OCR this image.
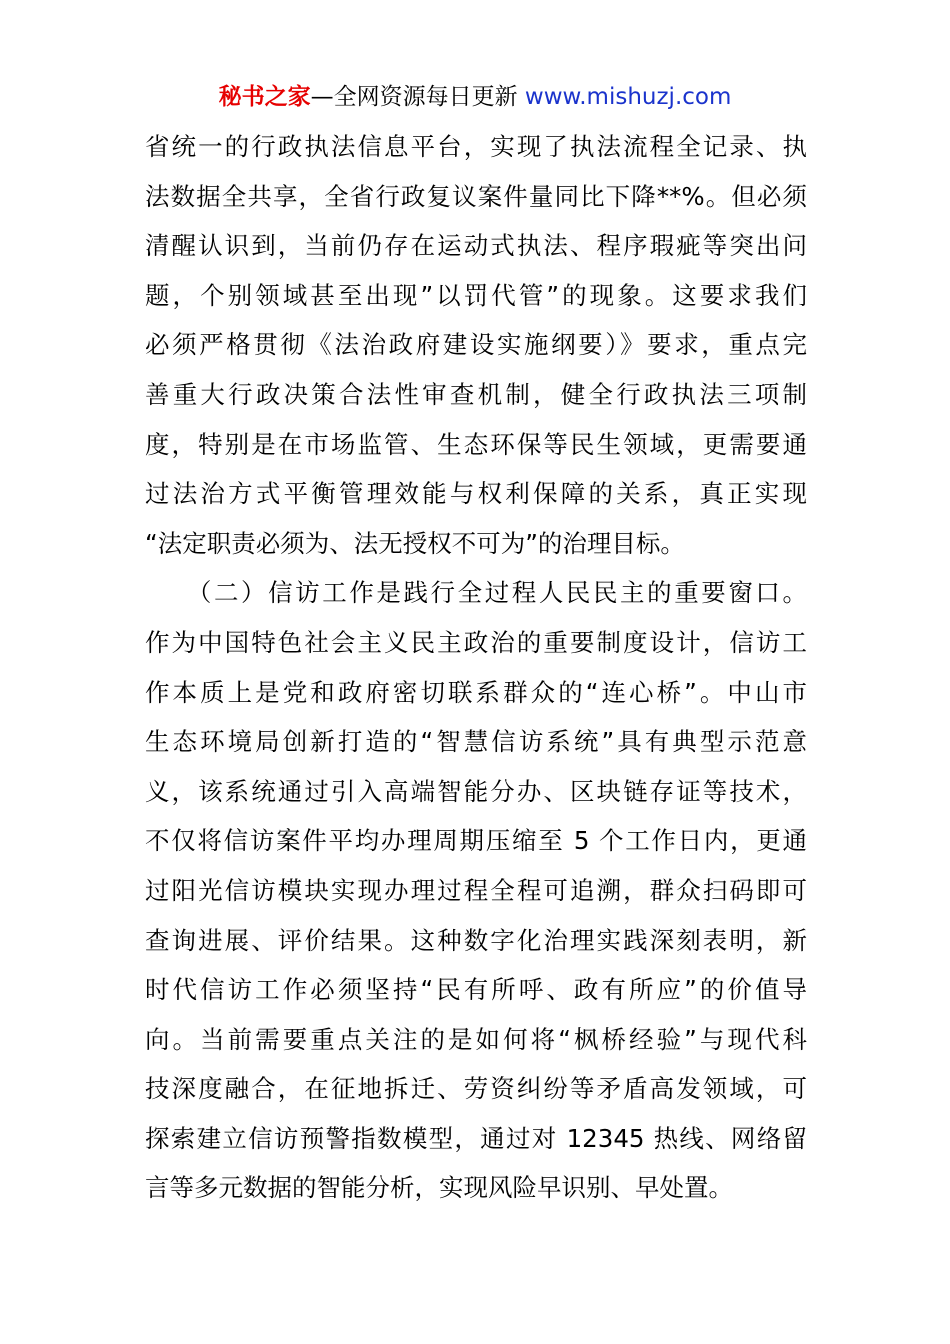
秘书之家—全网资源每日更新 www.mishuzj.com
省统一的行政执法信息平台，实现了执法流程全记录、执
法数据全共享，全省行政复议案件量同比下降**%。但必须
清醒认识到，当前仍存在运动式执法、程序瑕疵等突出问
题，个别领域甚至出现”以罚代管”的现象。这要求我们
必须严格贯彻《法治政府建设实施纲要）》要求，重点完
善重大行政决策合法性审查机制，健全行政执法三项制
度，特别是在市场监管、生态环保等民生领域，更需要通
过法治方式平衡管理效能与权利保障的关系，真正实现
“法定职责必须为、法无授权不可为”的治理目标。
　　（二）信访工作是践行全过程人民民主的重要窗口。
作为中国特色社会主义民主政治的重要制度设计，信访工
作本质上是党和政府密切联系群众的“连心桥”。中山市
生态环境局创新打造的“智慧信访系统”具有典型示范意
义，该系统通过引入高端智能分办、区块链存证等技术，
不仅将信访案件平均办理周期压缩至 5 个工作日内，更通
过阳光信访模块实现办理过程全程可追溯，群众扫码即可
查询进展、评价结果。这种数字化治理实践深刻表明，新
时代信访工作必须坚持“民有所呼、政有所应”的价值导
向。当前需要重点关注的是如何将“枫桥经验”与现代科
技深度融合，在征地拆迁、劳资纠纷等矛盾高发领域，可
探索建立信访预警指数模型，通过对 12345 热线、网络留
言等多元数据的智能分析，实现风险早识别、早处置。
